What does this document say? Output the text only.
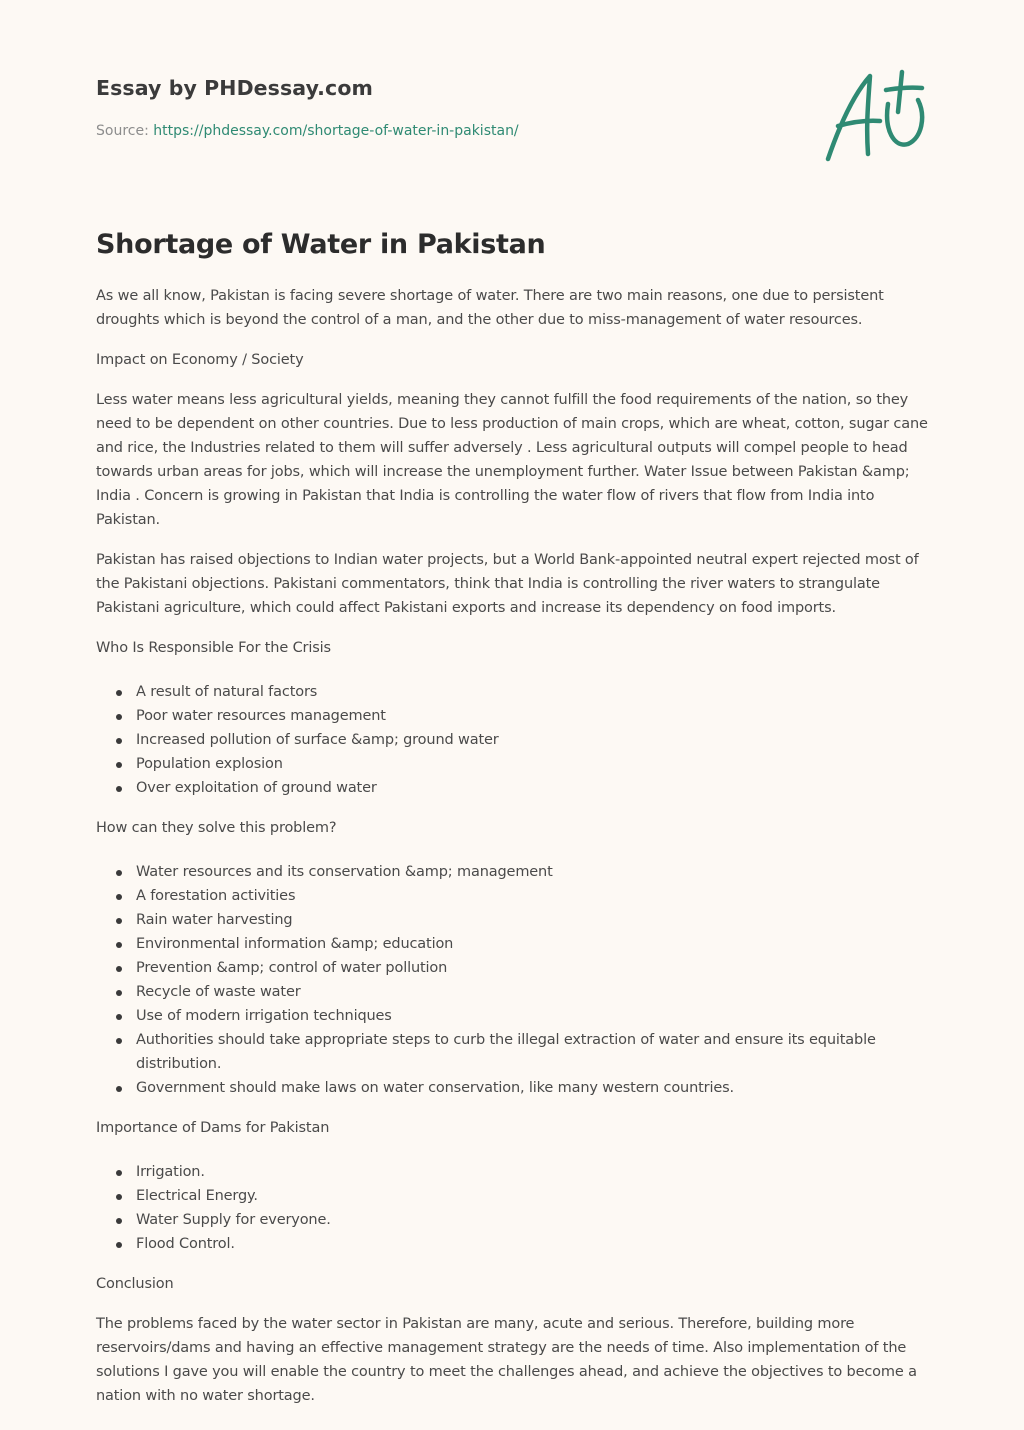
Essay by PHDessay.com
Source: https://phdessay.com/shortage-of-water-in-pakistan/
Shortage of Water in Pakistan

As we all know, Pakistan is facing severe shortage of water. There are two main reasons, one due to persistent droughts which is beyond the control of a man, and the other due to miss-management of water resources.

Impact on Economy / Society

Less water means less agricultural yields, meaning they cannot fulfill the food requirements of the nation, so they need to be dependent on other countries. Due to less production of main crops, which are wheat, cotton, sugar cane and rice, the Industries related to them will suffer adversely . Less agricultural outputs will compel people to head towards urban areas for jobs, which will increase the unemployment further. Water Issue between Pakistan &amp; India . Concern is growing in Pakistan that India is controlling the water flow of rivers that flow from India into Pakistan.

Pakistan has raised objections to Indian water projects, but a World Bank-appointed neutral expert rejected most of the Pakistani objections. Pakistani commentators, think that India is controlling the river waters to strangulate Pakistani agriculture, which could affect Pakistani exports and increase its dependency on food imports.

Who Is Responsible For the Crisis

A result of natural factors
Poor water resources management
Increased pollution of surface &amp; ground water
Population explosion
Over exploitation of ground water

How can they solve this problem?

Water resources and its conservation &amp; management
A forestation activities
Rain water harvesting
Environmental information &amp; education
Prevention &amp; control of water pollution
Recycle of waste water
Use of modern irrigation techniques
Authorities should take appropriate steps to curb the illegal extraction of water and ensure its equitable distribution.
Government should make laws on water conservation, like many western countries.

Importance of Dams for Pakistan

Irrigation.
Electrical Energy.
Water Supply for everyone.
Flood Control.

Conclusion

The problems faced by the water sector in Pakistan are many, acute and serious. Therefore, building more reservoirs/dams and having an effective management strategy are the needs of time. Also implementation of the solutions I gave you will enable the country to meet the challenges ahead, and achieve the objectives to become a nation with no water shortage.
